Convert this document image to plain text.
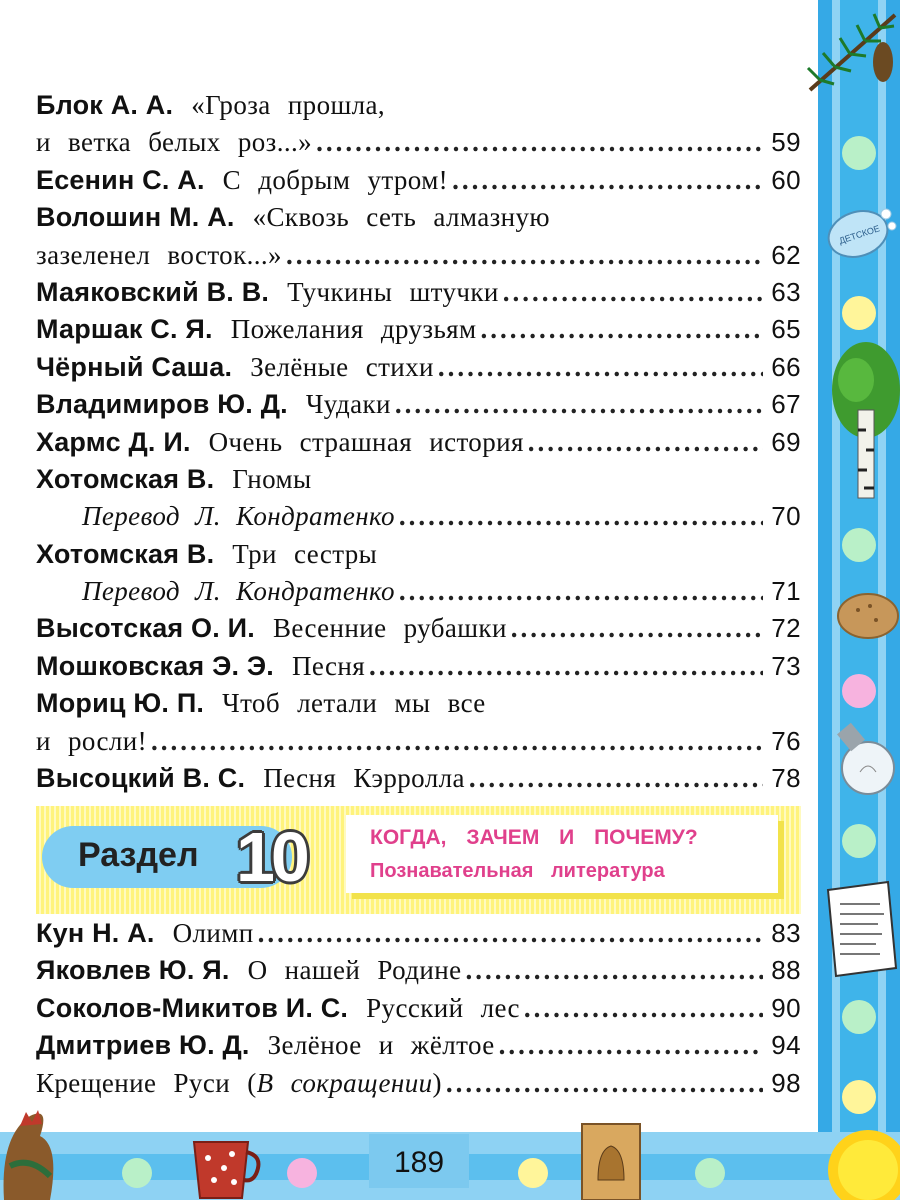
ДЕТСКОЕ
Блок А. А. «Гроза прошла,
и ветка белых роз...» .....	59
Есенин С. А. С добрым утром! .....	60
Волошин М. А. «Сквозь сеть алмазную
зазеленел восток...» .....	62
Маяковский В. В. Тучкины штучки .....	63
Маршак С. Я. Пожелания друзьям .....	65
Чёрный Саша. Зелёные стихи .....	66
Владимиров Ю. Д. Чудаки .....	67
Хармс Д. И. Очень страшная история .....	69
Хотомская В. Гномы
Перевод Л. Кондратенко .....	70
Хотомская В. Три сестры
Перевод Л. Кондратенко .....	71
Высотская О. И. Весенние рубашки .....	72
Мошковская Э. Э. Песня .....	73
Мориц Ю. П. Чтоб летали мы все
и росли! .....	76
Высоцкий В. С. Песня Кэрролла .....	78
Раздел 10	КОГДА, ЗАЧЕМ И ПОЧЕМУ?
Познавательная литература
Кун Н. А. Олимп .....	83
Яковлев Ю. Я. О нашей Родине .....	88
Соколов-Микитов И. С. Русский лес .....	90
Дмитриев Ю. Д. Зелёное и жёлтое .....	94
Крещение Руси (В сокращении) .....	98
189
